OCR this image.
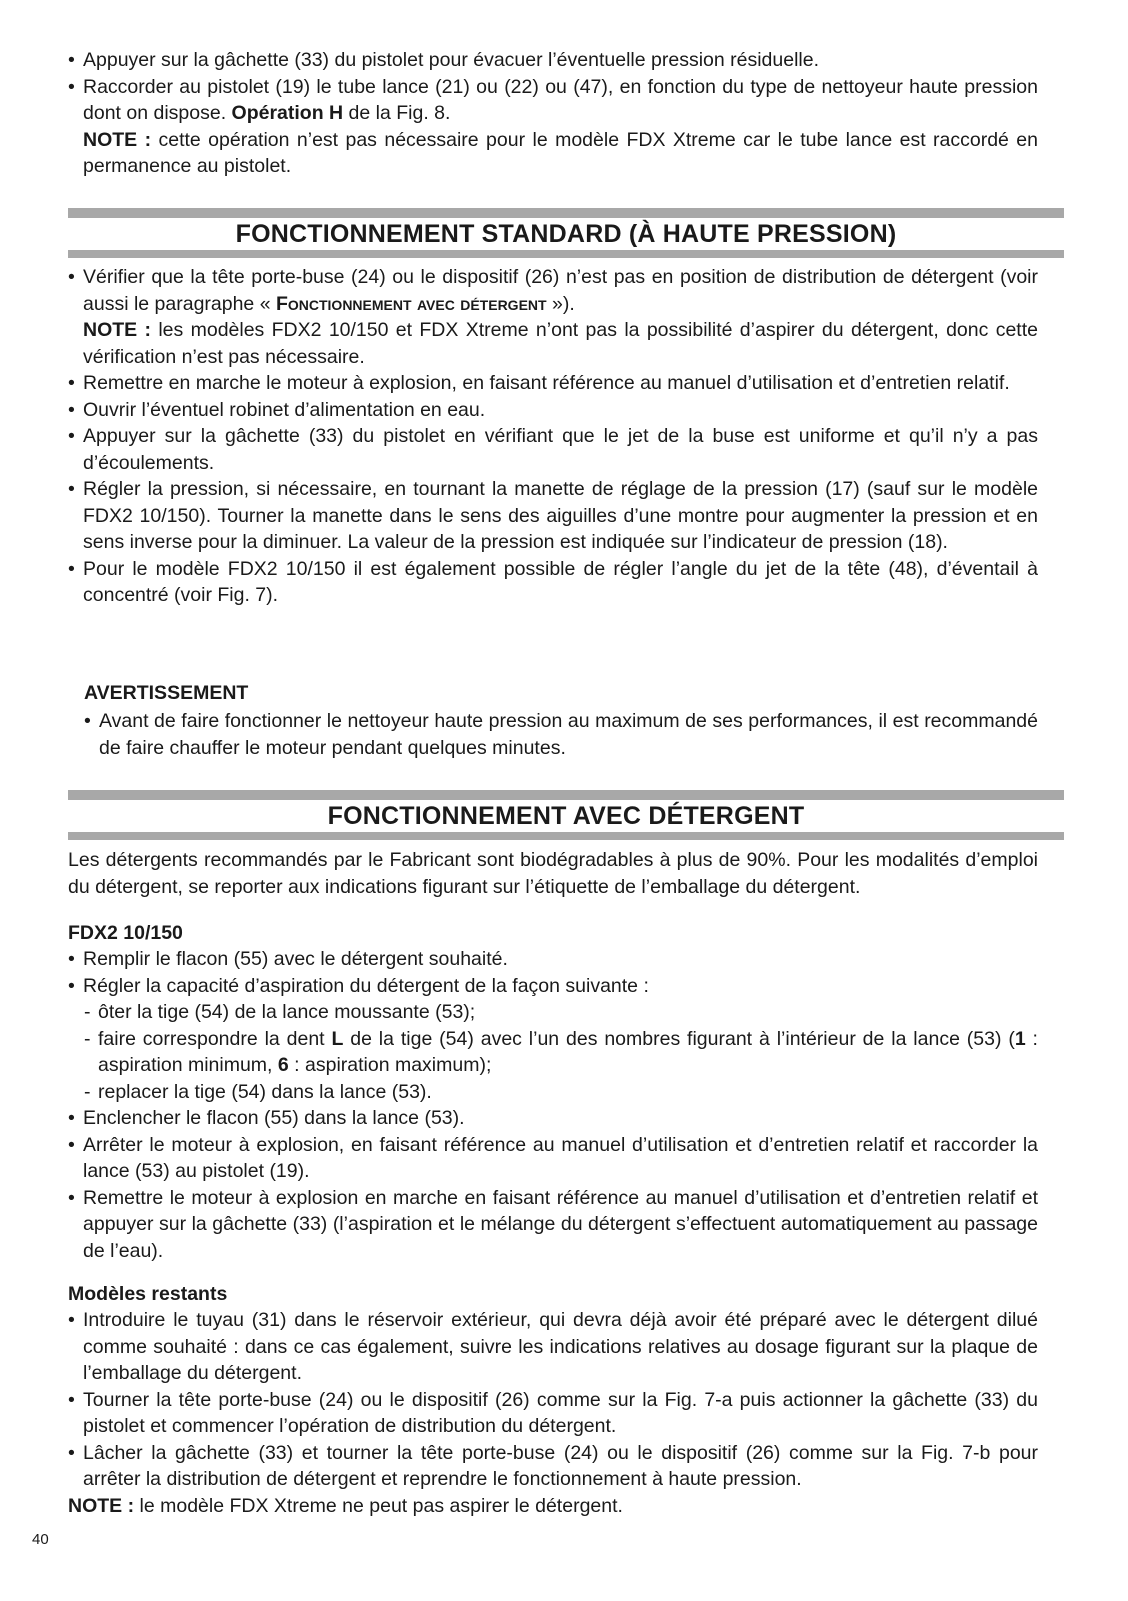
• Appuyer sur la gâchette (33) du pistolet pour évacuer l’éventuelle pression résiduelle.
• Raccorder au pistolet (19) le tube lance (21) ou (22) ou (47), en fonction du type de nettoyeur haute pression dont on dispose. Opération H de la Fig. 8.
NOTE : cette opération n’est pas nécessaire pour le modèle FDX Xtreme car le tube lance est raccordé en permanence au pistolet.
FONCTIONNEMENT STANDARD (À HAUTE PRESSION)
• Vérifier que la tête porte-buse (24) ou le dispositif (26) n’est pas en position de distribution de détergent (voir aussi le paragraphe « Fonctionnement avec détergent »).
NOTE : les modèles FDX2 10/150 et FDX Xtreme n’ont pas la possibilité d’aspirer du détergent, donc cette vérification n’est pas nécessaire.
• Remettre en marche le moteur à explosion, en faisant référence au manuel d’utilisation et d’entretien relatif.
• Ouvrir l’éventuel robinet d’alimentation en eau.
• Appuyer sur la gâchette (33) du pistolet en vérifiant que le jet de la buse est uniforme et qu’il n’y a pas d’écoulements.
• Régler la pression, si nécessaire, en tournant la manette de réglage de la pression (17) (sauf sur le modèle FDX2 10/150). Tourner la manette dans le sens des aiguilles d’une montre pour augmenter la pression et en sens inverse pour la diminuer. La valeur de la pression est indiquée sur l’indicateur de pression (18).
• Pour le modèle FDX2 10/150 il est également possible de régler l’angle du jet de la tête (48), d’éventail à concentré (voir Fig. 7).

AVERTISSEMENT

• Avant de faire fonctionner le nettoyeur haute pression au maximum de ses performances, il est recommandé de faire chauffer le moteur pendant quelques minutes.
FONCTIONNEMENT AVEC DÉTERGENT

Les détergents recommandés par le Fabricant sont biodégradables à plus de 90%. Pour les modalités d’emploi du détergent, se reporter aux indications figurant sur l’étiquette de l’emballage du détergent.

FDX2 10/150

• Remplir le flacon (55) avec le détergent souhaité.
• Régler la capacité d’aspiration du détergent de la façon suivante :
- ôter la tige (54) de la lance moussante (53);
- faire correspondre la dent L de la tige (54) avec l’un des nombres figurant à l’intérieur de la lance (53) (1 : aspiration minimum, 6 : aspiration maximum);
- replacer la tige (54) dans la lance (53).
• Enclencher le flacon (55) dans la lance (53).
• Arrêter le moteur à explosion, en faisant référence au manuel d’utilisation et d’entretien relatif et raccorder la lance (53) au pistolet (19).
• Remettre le moteur à explosion en marche en faisant référence au manuel d’utilisation et d’entretien relatif et appuyer sur la gâchette (33) (l’aspiration et le mélange du détergent s’effectuent automatiquement au passage de l’eau).

Modèles restants

• Introduire le tuyau (31) dans le réservoir extérieur, qui devra déjà avoir été préparé avec le détergent dilué comme souhaité : dans ce cas également, suivre les indications relatives au dosage figurant sur la plaque de l’emballage du détergent.
• Tourner la tête porte-buse (24) ou le dispositif (26) comme sur la Fig. 7-a puis actionner la gâchette (33) du pistolet et commencer l’opération de distribution du détergent.
• Lâcher la gâchette (33) et tourner la tête porte-buse (24) ou le dispositif (26) comme sur la Fig. 7-b pour arrêter la distribution de détergent et reprendre le fonctionnement à haute pression.

NOTE : le modèle FDX Xtreme ne peut pas aspirer le détergent.

40
